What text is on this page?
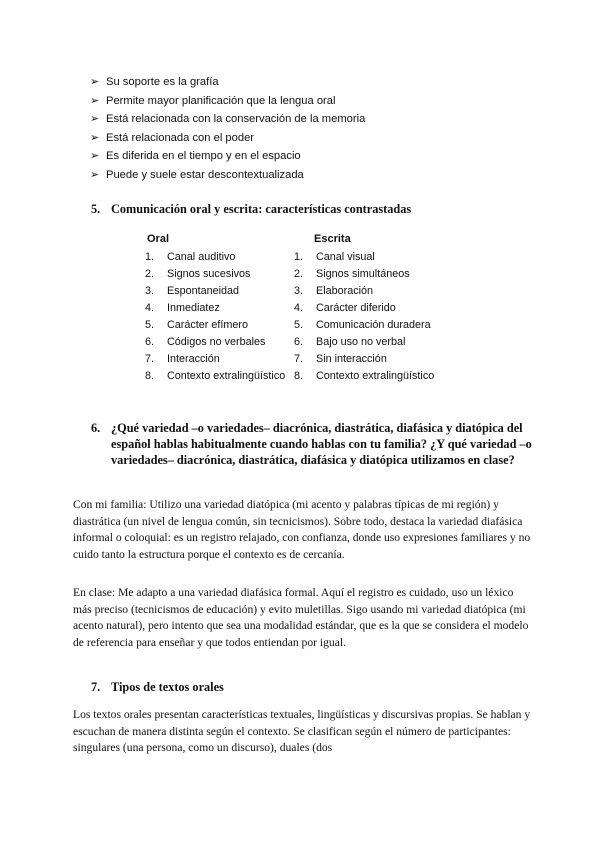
➢ Su soporte es la grafía
➢ Permite mayor planificación que la lengua oral
➢ Está relacionada con la conservación de la memoria
➢ Está relacionada con el poder
➢ Es diferida en el tiempo y en el espacio
➢ Puede y suele estar descontextualizada
5. Comunicación oral y escrita: características contrastadas
Oral	Escrita
1. Canal auditivo
2. Signos sucesivos
3. Espontaneidad
4. Inmediatez
5. Carácter efímero
6. Códigos no verbales
7. Interacción
8. Contexto extralingüístico
1. Canal visual
2. Signos simultáneos
3. Elaboración
4. Carácter diferido
5. Comunicación duradera
6. Bajo uso no verbal
7. Sin interacción
8. Contexto extralingüístico
6. ¿Qué variedad –o variedades– diacrónica, diastrática, diafásica y diatópica del español hablas habitualmente cuando hablas con tu familia? ¿Y qué variedad –o variedades– diacrónica, diastrática, diafásica y diatópica utilizamos en clase?

Con mi familia: Utilizo una variedad diatópica (mi acento y palabras típicas de mi región) y diastrática (un nivel de lengua común, sin tecnicismos). Sobre todo, destaca la variedad diafásica informal o coloquial: es un registro relajado, con confianza, donde uso expresiones familiares y no cuido tanto la estructura porque el contexto es de cercanía.

En clase: Me adapto a una variedad diafásica formal. Aquí el registro es cuidado, uso un léxico más preciso (tecnicismos de educación) y evito muletillas. Sigo usando mi variedad diatópica (mi acento natural), pero intento que sea una modalidad estándar, que es la que se considera el modelo de referencia para enseñar y que todos entiendan por igual.

7. Tipos de textos orales

Los textos orales presentan características textuales, lingüísticas y discursivas propias. Se hablan y escuchan de manera distinta según el contexto. Se clasifican según el número de participantes: singulares (una persona, como un discurso), duales (dos
